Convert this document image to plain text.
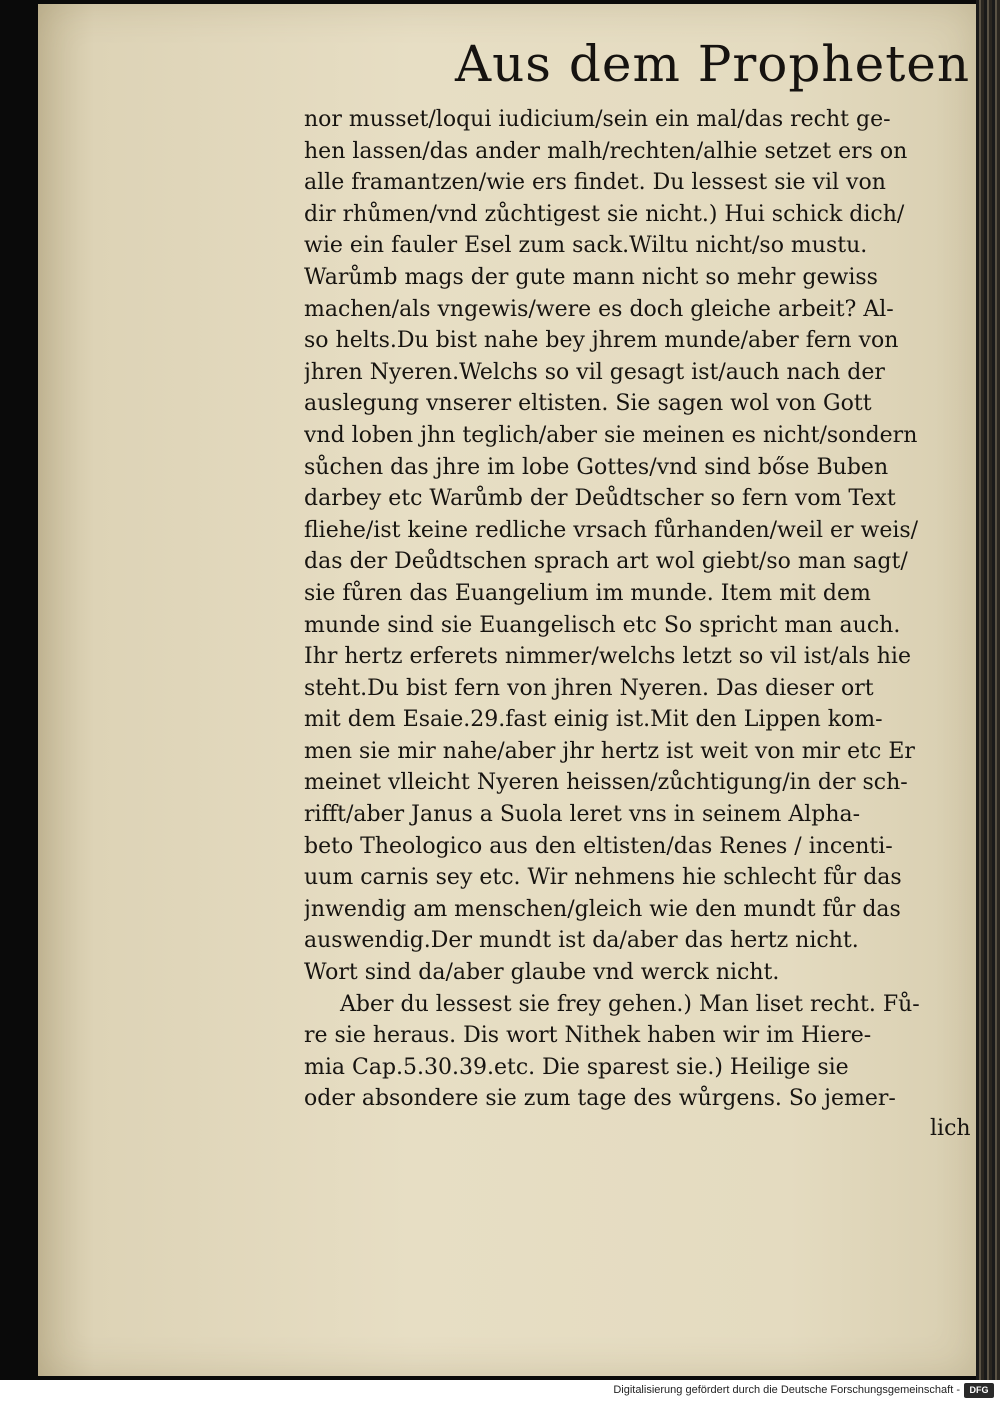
Aus dem Propheten
nor musset/loqui iudicium/sein ein mal/das recht ge-
hen lassen/das ander malh/rechten/alhie setzet ers on
alle framantzen/wie ers findet. Du lessest sie vil von
dir rhůmen/vnd zůchtigest sie nicht.) Hui schick dich/
wie ein fauler Esel zum sack.Wiltu nicht/so mustu.
Warůmb mags der gute mann nicht so mehr gewiss
machen/als vngewis/were es doch gleiche arbeit? Al-
so helts.Du bist nahe bey jhrem munde/aber fern von
jhren Nyeren.Welchs so vil gesagt ist/auch nach der
auslegung vnserer eltisten. Sie sagen wol von Gott
vnd loben jhn teglich/aber sie meinen es nicht/sondern
sůchen das jhre im lobe Gottes/vnd sind bőse Buben
darbey etc Warůmb der Deůdtscher so fern vom Text
fliehe/ist keine redliche vrsach fůrhanden/weil er weis/
das der Deůdtschen sprach art wol giebt/so man sagt/
sie fůren das Euangelium im munde. Item mit dem
munde sind sie Euangelisch etc So spricht man auch.
Ihr hertz erferets nimmer/welchs letzt so vil ist/als hie
steht.Du bist fern von jhren Nyeren. Das dieser ort
mit dem Esaie.29.fast einig ist.Mit den Lippen kom-
men sie mir nahe/aber jhr hertz ist weit von mir etc Er
meinet vlleicht Nyeren heissen/zůchtigung/in der sch-
rifft/aber Janus a Suola leret vns in seinem Alpha-
beto Theologico aus den eltisten/das Renes / incenti-
uum carnis sey etc. Wir nehmens hie schlecht fůr das
jnwendig am menschen/gleich wie den mundt fůr das
auswendig.Der mundt ist da/aber das hertz nicht.
Wort sind da/aber glaube vnd werck nicht.
Aber du lessest sie frey gehen.) Man liset recht. Fů-
re sie heraus. Dis wort Nithek haben wir im Hiere-
mia Cap.5.30.39.etc. Die sparest sie.) Heilige sie
oder absondere sie zum tage des wůrgens. So jemer-
lich
Digitalisierung gefördert durch die Deutsche Forschungsgemeinschaft -	DFG
